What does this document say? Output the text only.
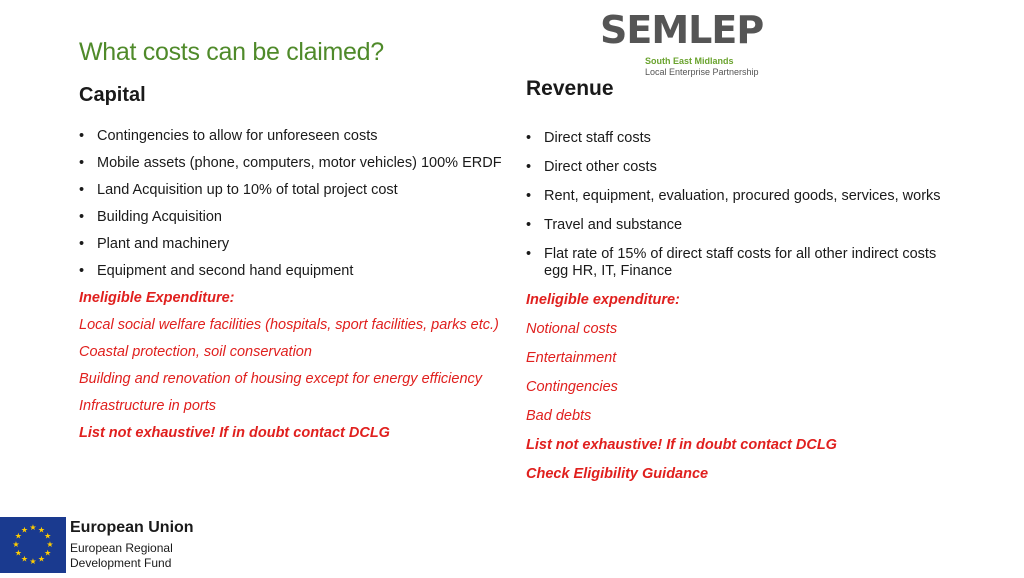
What costs can be claimed?	SEMLEP
South East Midlands
Local Enterprise Partnership
Capital	Revenue
• Contingencies to allow for unforeseen costs
• Mobile assets (phone, computers, motor vehicles) 100% ERDF
• Land Acquisition up to 10% of total project cost
• Building Acquisition
• Plant and machinery
• Equipment and second hand equipment
Ineligible Expenditure:
Local social welfare facilities (hospitals, sport facilities, parks etc.)
Coastal protection, soil conservation
Building and renovation of housing except for energy efficiency
Infrastructure in ports
List not exhaustive! If in doubt contact DCLG
• Direct staff costs
• Direct other costs
• Rent, equipment, evaluation, procured goods, services, works
• Travel and substance
• Flat rate of 15% of direct staff costs for all other indirect costs egg HR, IT, Finance
Ineligible expenditure:
Notional costs
Entertainment
Contingencies
Bad debts
List not exhaustive! If in doubt contact DCLG
Check Eligibility Guidance
★ ★
★
★
★
★
★
★
★
★
★
★	European Union
European Regional Development Fund
